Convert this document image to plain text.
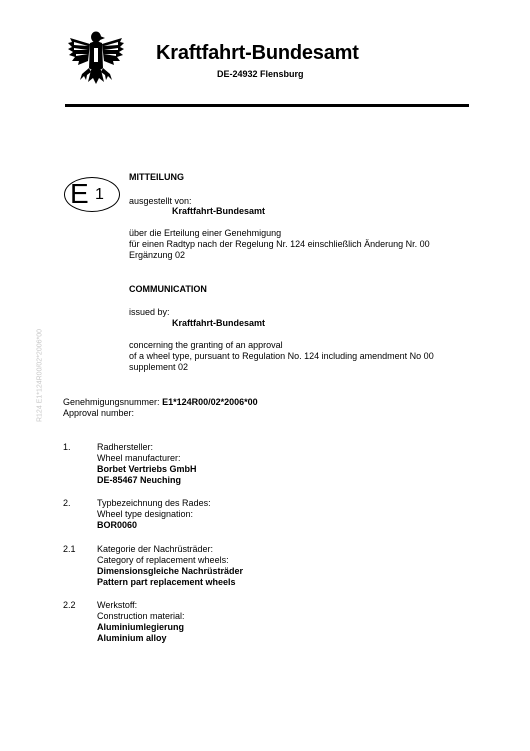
Kraftfahrt-Bundesamt
DE-24932 Flensburg
R124 E1*124R00/02*2006*00
E 1
MITTEILUNG
ausgestellt von:
Kraftfahrt-Bundesamt
über die Erteilung einer Genehmigung
für einen Radtyp nach der Regelung Nr. 124 einschließlich Änderung Nr. 00
Ergänzung 02
COMMUNICATION
issued by:
Kraftfahrt-Bundesamt
concerning the granting of an approval
of a wheel type, pursuant to Regulation No. 124 including amendment No 00
supplement 02
Genehmigungsnummer: E1*124R00/02*2006*00
Approval number:
1.	Radhersteller:
Wheel manufacturer:
Borbet Vertriebs GmbH
DE-85467 Neuching
2.	Typbezeichnung des Rades:
Wheel type designation:
BOR0060
2.1 Kategorie der Nachrüsträder:
Category of replacement wheels:
Dimensionsgleiche Nachrüsträder
Pattern part replacement wheels
2.2 Werkstoff:
Construction material:
Aluminiumlegierung
Aluminium alloy
